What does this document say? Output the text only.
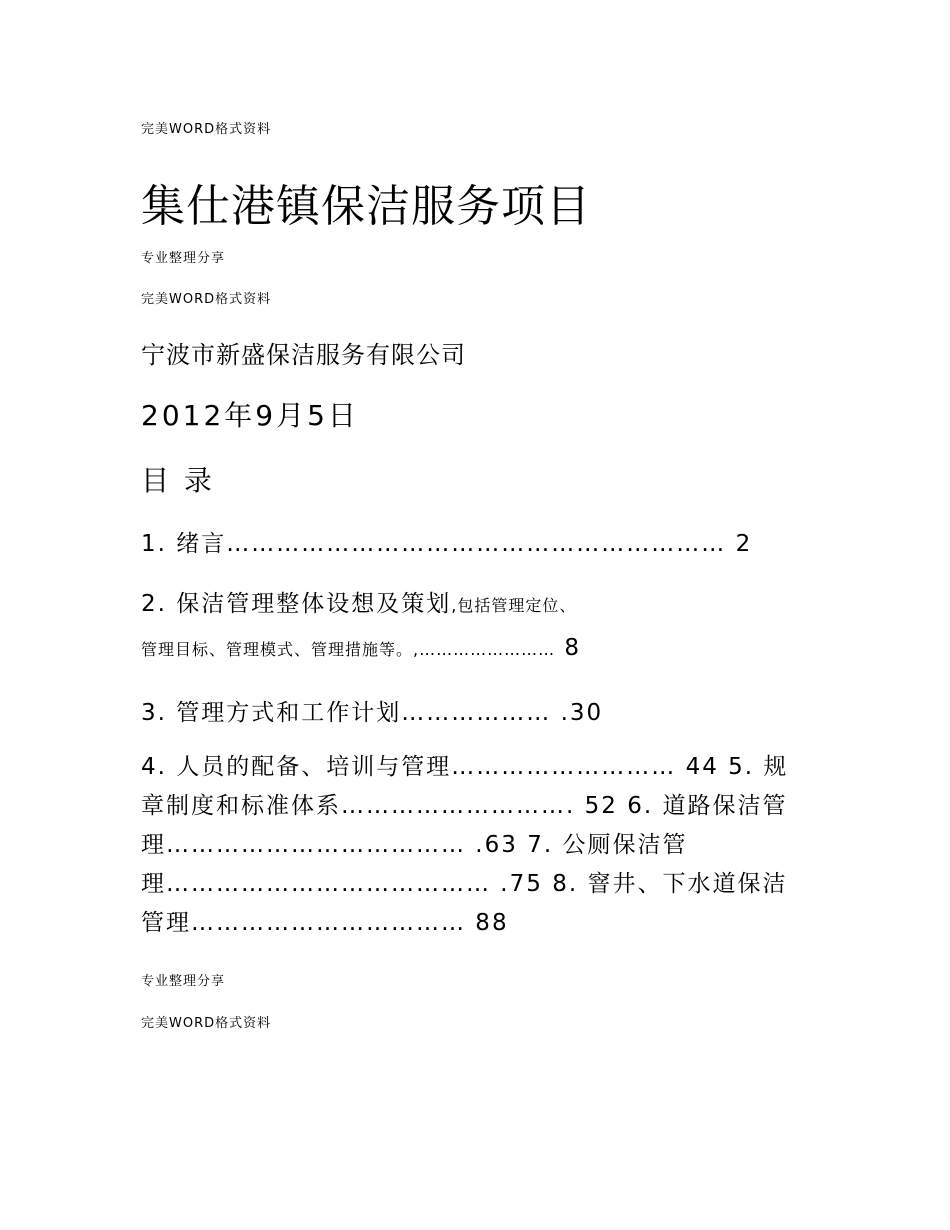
完美WORD格式资料
集仕港镇保洁服务项目
专业整理分享
完美WORD格式资料
宁波市新盛保洁服务有限公司
2012年9月5日
目 录
1. 绪言…………………………………………………… 2
2. 保洁管理整体设想及策划,包括管理定位、
管理目标、管理模式、管理措施等。,…………………… 8
3. 管理方式和工作计划……………… .30
4. 人员的配备、培训与管理……………………… 44 5. 规章制度和标准体系………………………. 52 6. 道路保洁管理……………………………… .63 7. 公厕保洁管理………………………………… .75 8. 窨井、下水道保洁管理…………………………… 88
专业整理分享
完美WORD格式资料
